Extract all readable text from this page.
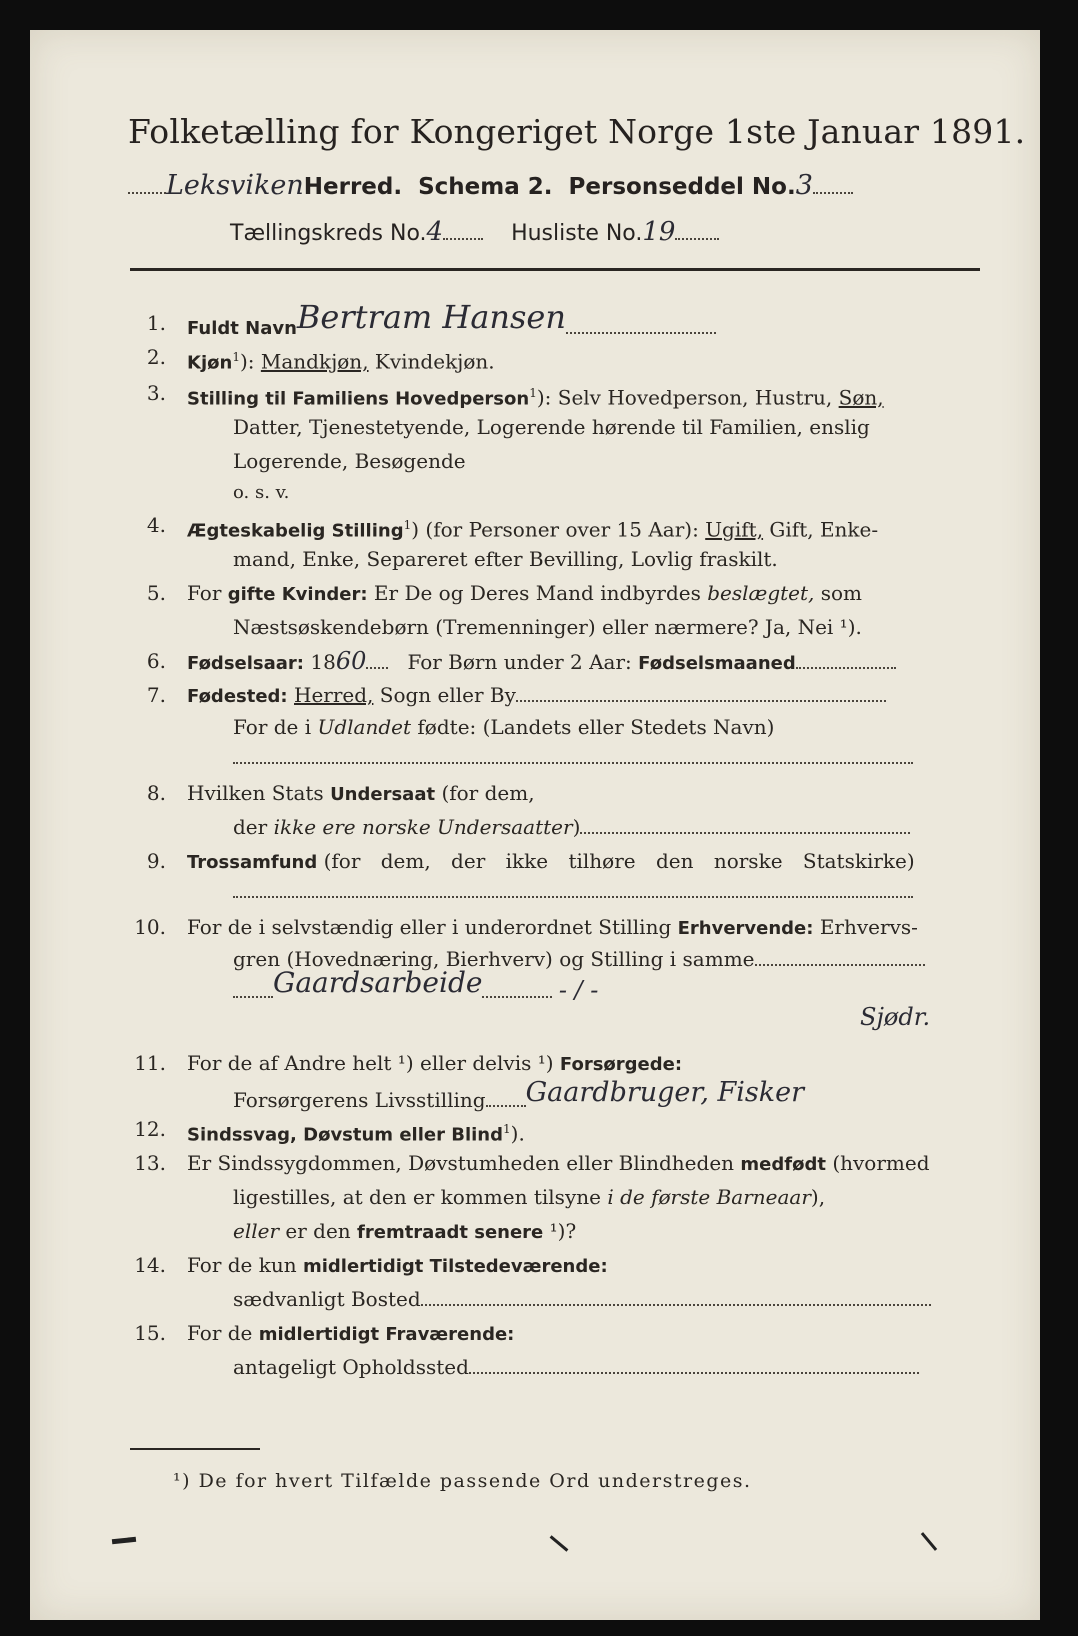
Folketælling for Kongeriget Norge 1ste Januar 1891.
LeksvikenHerred. Schema 2. Personseddel No.3
Tællingskreds No.4	Husliste No.19
1. Fuldt NavnBertram Hansen
2. Kjøn$^1$): Mandkjøn, Kvindekjøn.
3. Stilling til Familiens Hovedperson$^1$): Selv Hovedperson, Hustru, Søn,
Datter, Tjenestetyende, Logerende hørende til Familien, enslig
Logerende, Besøgende
o. s. v.
4. Ægteskabelig Stilling$^1$) (for Personer over 15 Aar): Ugift, Gift, Enke-
mand, Enke, Separeret efter Bevilling, Lovlig fraskilt.
5. For gifte Kvinder: Er De og Deres Mand indbyrdes beslægtet, som
Næstsøskendebørn (Tremenninger) eller nærmere? Ja, Nei ¹).
6. Fødselsaar: 1860 For Børn under 2 Aar: Fødselsmaaned
7. Fødested: Herred, Sogn eller By
For de i Udlandet fødte: (Landets eller Stedets Navn)
8. Hvilken Stats Undersaat (for dem,
der ikke ere norske Undersaatter)
9. Trossamfund (for dem, der ikke tilhøre den norske Statskirke)
10. For de i selvstændig eller i underordnet Stilling Erhvervende: Erhvervs-
gren (Hovednæring, Bierhverv) og Stilling i samme
Gaardsarbeide	- / -
Sjødr.
11. For de af Andre helt ¹) eller delvis ¹) Forsørgede:
Forsørgerens Livsstilling Gaardbruger, Fisker
12. Sindssvag, Døvstum eller Blind$^1$).
13. Er Sindssygdommen, Døvstumheden eller Blindheden medfødt (hvormed
ligestilles, at den er kommen tilsyne i de første Barneaar),
eller er den fremtraadt senere ¹)?
14. For de kun midlertidigt Tilstedeværende:
sædvanligt Bosted
15. For de midlertidigt Fraværende:
antageligt Opholdssted
¹) De for hvert Tilfælde passende Ord understreges.
